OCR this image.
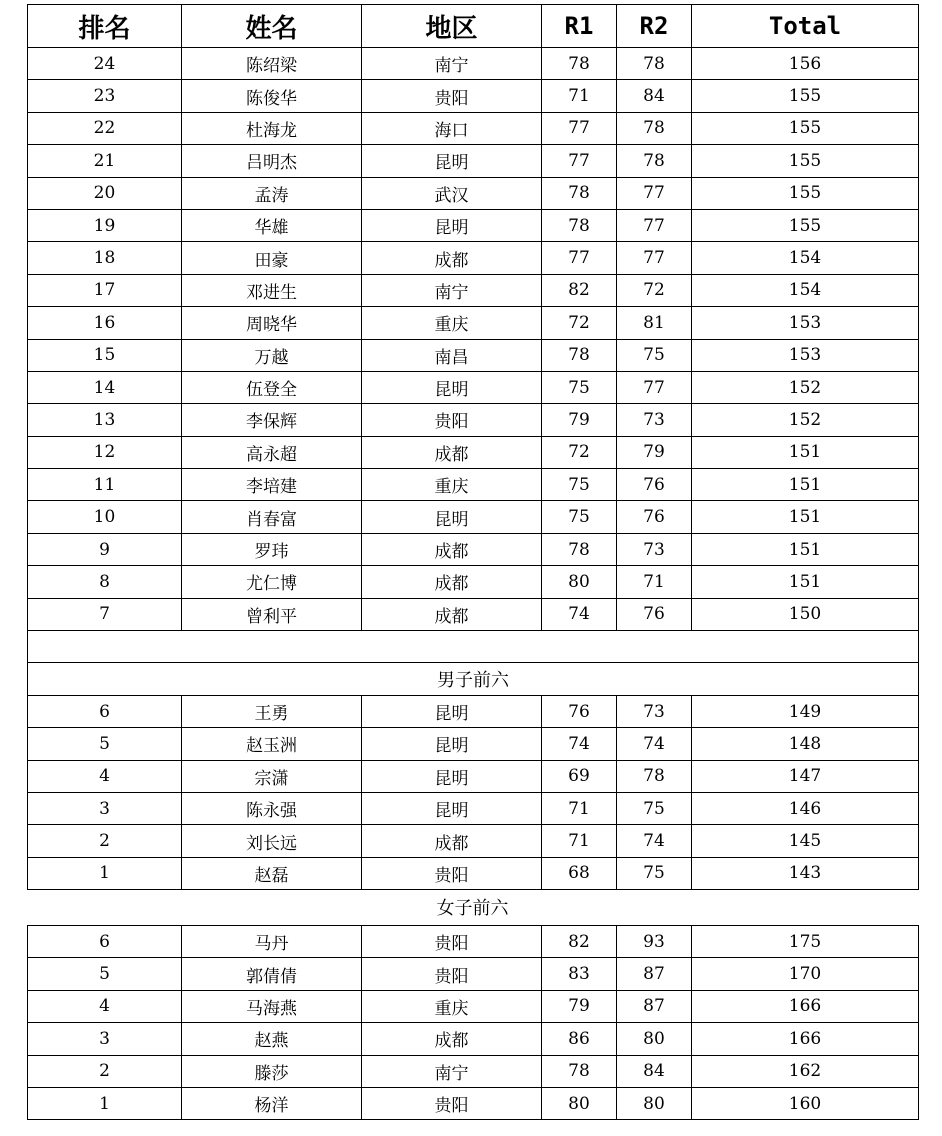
排名	姓名	地区	R1	R2	Total
24	陈绍梁	南宁	78	78	156
23	陈俊华	贵阳	71	84	155
22	杜海龙	海口	77	78	155
21	吕明杰	昆明	77	78	155
20	孟涛	武汉	78	77	155
19	华雄	昆明	78	77	155
18	田豪	成都	77	77	154
17	邓进生	南宁	82	72	154
16	周晓华	重庆	72	81	153
15	万越	南昌	78	75	153
14	伍登全	昆明	75	77	152
13	李保辉	贵阳	79	73	152
12	高永超	成都	72	79	151
11	李培建	重庆	75	76	151
10	肖春富	昆明	75	76	151
9	罗玮	成都	78	73	151
8	尤仁博	成都	80	71	151
7	曾利平	成都	74	76	150

男子前六					
6	王勇	昆明	76	73	149
5	赵玉洲	昆明	74	74	148
4	宗潇	昆明	69	78	147
3	陈永强	昆明	71	75	146
2	刘长远	成都	71	74	145
1	赵磊	贵阳	68	75	143
女子前六
6	马丹	贵阳	82	93	175
5	郭倩倩	贵阳	83	87	170
4	马海燕	重庆	79	87	166
3	赵燕	成都	86	80	166
2	滕莎	南宁	78	84	162
1	杨洋	贵阳	80	80	160
